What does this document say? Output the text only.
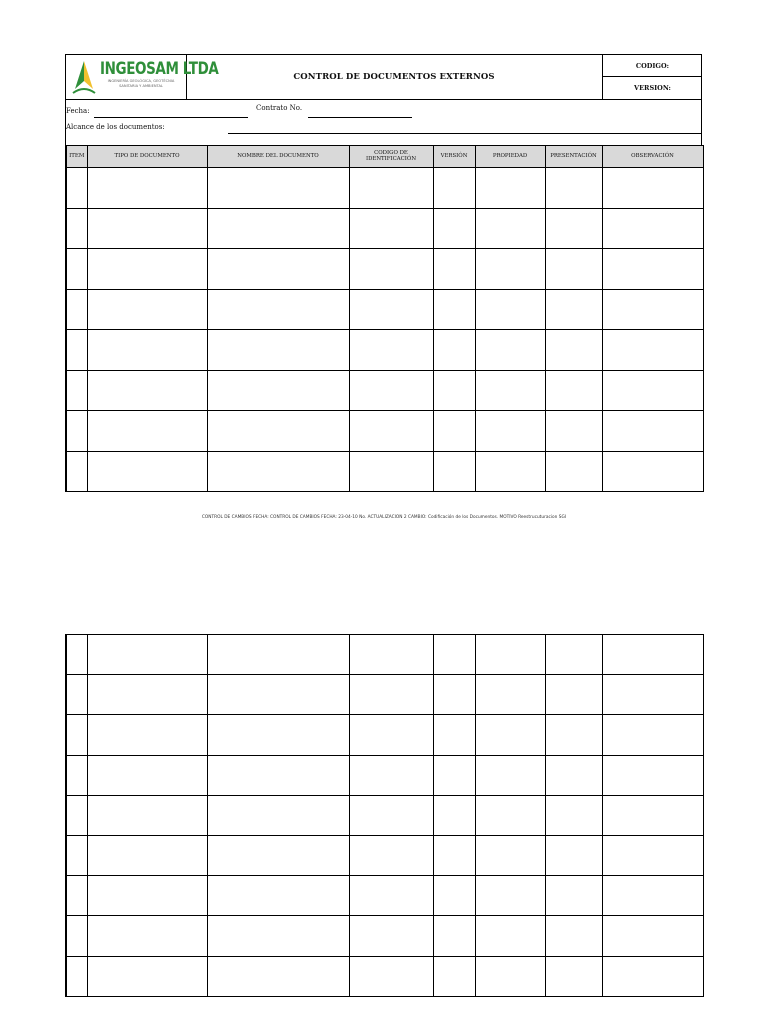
INGEOSAM LTDA
INGENIERÍA GEOLÓGICA, GEOTÉCNIA SANITARIA Y AMBIENTAL
CONTROL DE DOCUMENTOS EXTERNOS
CODIGO:
VERSION:
Fecha:	Contrato No.
Alcance de los documentos:
ITEM	TIPO DE DOCUMENTO	NOMBRE DEL DOCUMENTO	CODIGO DE IDENTIFICACIÓN	VERSIÓN	PROPIEDAD	PRESENTACIÓN	OBSERVACIÓN

CONTROL DE CAMBIOS FECHA: CONTROL DE CAMBIOS FECHA: 23-04-10 No. ACTUALIZACION 2 CAMBIO: Codificación de los Documentos. MOTIVO Reestrucuturacion SGI
